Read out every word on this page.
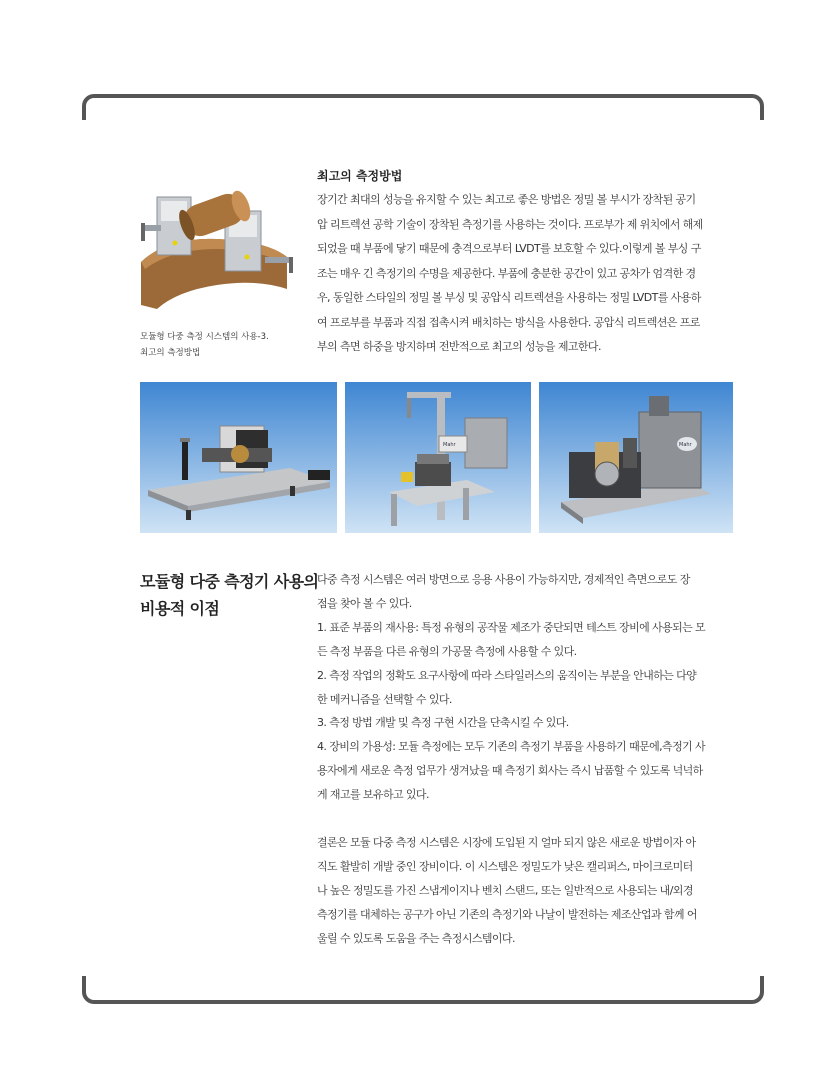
모듈형 다중 측정 시스템의 사용-3.
최고의 측정방법
최고의 측정방법
장기간 최대의 성능을 유지할 수 있는 최고로 좋은 방법은 정밀 볼 부시가 장착된 공기
압 리트렉션 공학 기술이 장착된 측정기를 사용하는 것이다. 프로부가 제 위치에서 해제
되었을 때 부품에 닿기 때문에 충격으로부터 LVDT를 보호할 수 있다.이렇게 볼 부싱 구
조는 매우 긴 측정기의 수명을 제공한다. 부품에 충분한 공간이 있고 공차가 엄격한 경
우, 동일한 스타일의 정밀 볼 부싱 및 공압식 리트렉션을 사용하는 정밀 LVDT를 사용하
여 프로부를 부품과 직접 접촉시켜 배치하는 방식을 사용한다. 공압식 리트렉션은 프로
부의 측면 하중을 방지하며 전반적으로 최고의 성능을 제고한다.
Mahr	Mahr
모듈형 다중 측정기 사용의
비용적 이점
다중 측정 시스템은 여러 방면으로 응용 사용이 가능하지만, 경제적인 측면으로도 장
점을 찾아 볼 수 있다.
1. 표준 부품의 재사용: 특정 유형의 공작물 제조가 중단되면 테스트 장비에 사용되는 모
든 측정 부품을 다른 유형의 가공물 측정에 사용할 수 있다.
2. 측정 작업의 정확도 요구사항에 따라 스타일러스의 움직이는 부분을 안내하는 다양
한 메커니즘을 선택할 수 있다.
3. 측정 방법 개발 및 측정 구현 시간을 단축시킬 수 있다.
4. 장비의 가용성: 모듈 측정에는 모두 기존의 측정기 부품을 사용하기 때문에,측정기 사
용자에게 새로운 측정 업무가 생겨났을 때 측정기 회사는 즉시 납품할 수 있도록 넉넉하
게 재고를 보유하고 있다.
결론은 모듈 다중 측정 시스템은 시장에 도입된 지 얼마 되지 않은 새로운 방법이자 아
직도 활발히 개발 중인 장비이다. 이 시스템은 정밀도가 낮은 캘리퍼스, 마이크로미터
나 높은 정밀도를 가진 스냅게이지나 벤치 스탠드, 또는 일반적으로 사용되는 내/외경
측정기를 대체하는 공구가 아닌 기존의 측정기와 나날이 발전하는 제조산업과 함께 어
울릴 수 있도록 도움을 주는 측정시스템이다.
